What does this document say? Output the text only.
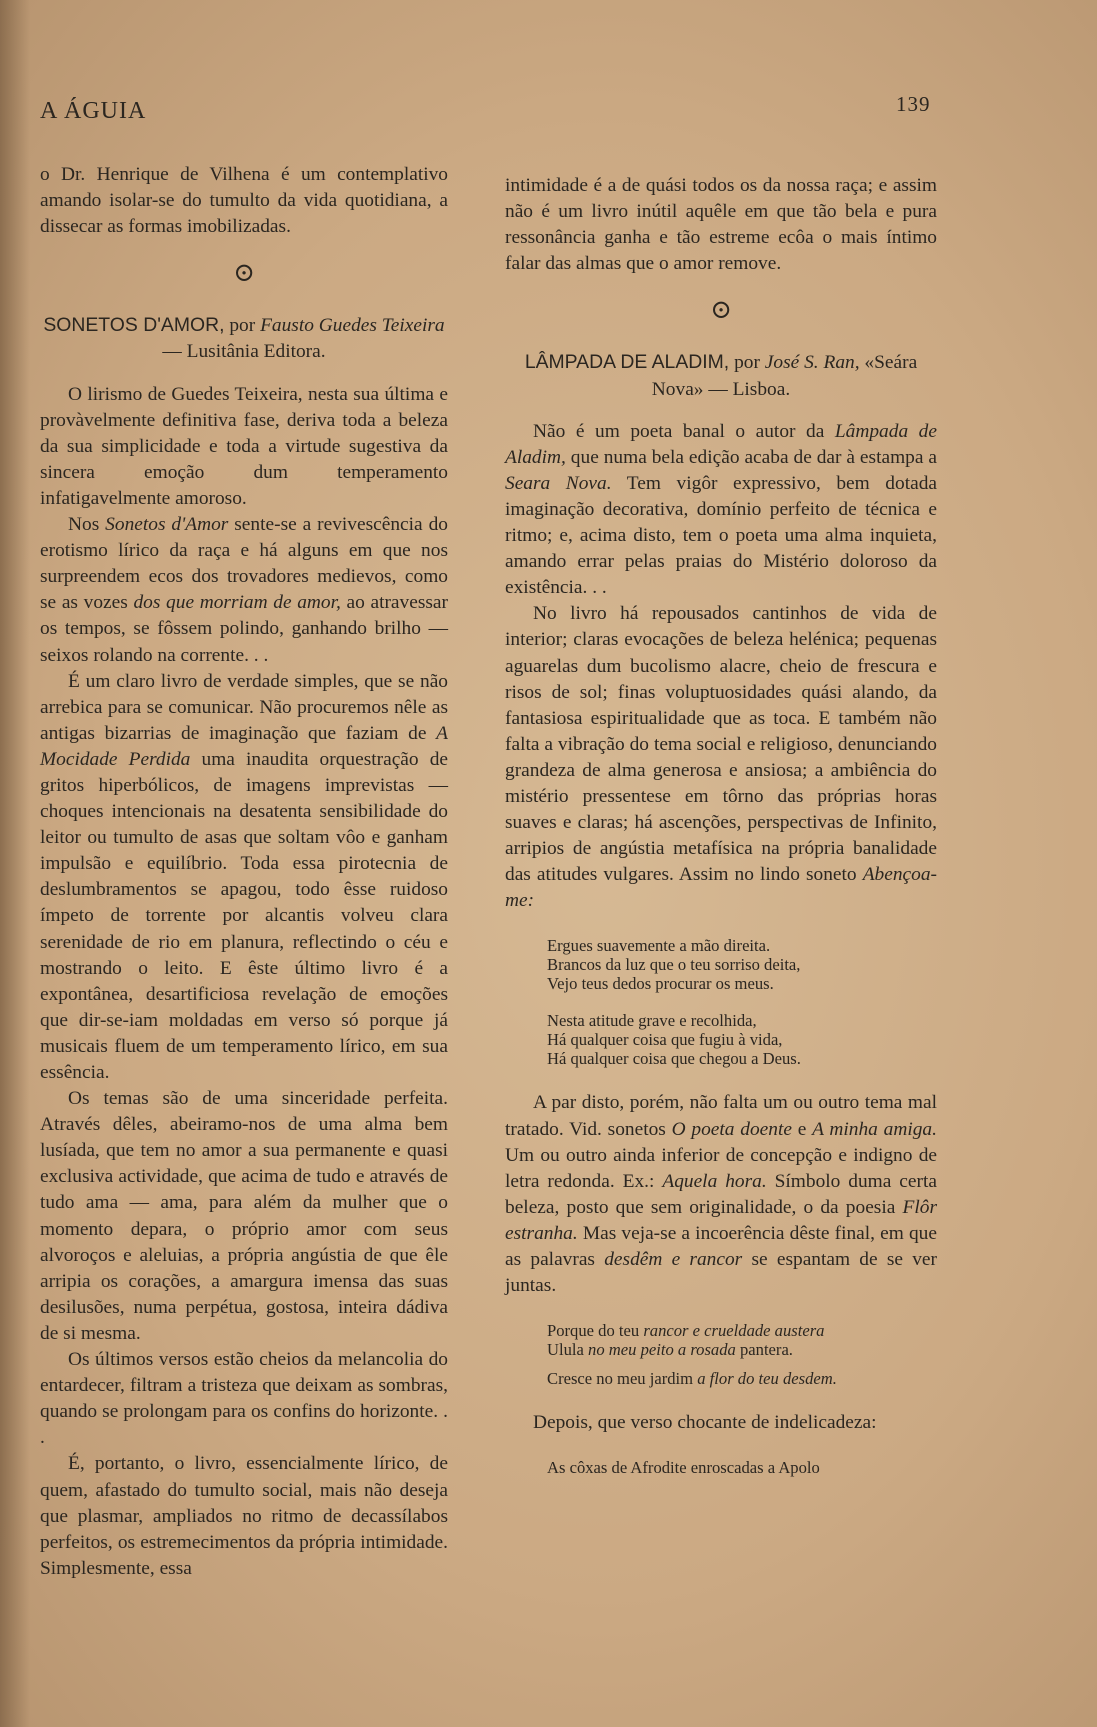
A ÁGUIA	139

o Dr. Henrique de Vilhena é um contemplativo amando isolar-se do tumulto da vida quotidiana, a dissecar as formas imobilizadas.

⊙

SONETOS D'AMOR, por Fausto Guedes Teixeira— Lusitânia Editora.

O lirismo de Guedes Teixeira, nesta sua última e provàvelmente definitiva fase, deriva toda a beleza da sua simplicidade e toda a virtude sugestiva da sincera emoção dum temperamento infatigavelmente amoroso.

Nos Sonetos d'Amor sente-se a revivescência do erotismo lírico da raça e há alguns em que nos surpreendem ecos dos trovadores medievos, como se as vozes dos que morriam de amor, ao atravessar os tempos, se fôssem polindo, ganhando brilho — seixos rolando na corrente. . .

É um claro livro de verdade simples, que se não arrebica para se comunicar. Não procuremos nêle as antigas bizarrias de imaginação que faziam de A Mocidade Perdida uma inaudita orquestração de gritos hiperbólicos, de imagens imprevistas — choques intencionais na desatenta sensibilidade do leitor ou tumulto de asas que soltam vôo e ganham impulsão e equilíbrio. Toda essa pirotecnia de deslumbramentos se apagou, todo êsse ruidoso ímpeto de torrente por alcantis volveu clara serenidade de rio em planura, reflectindo o céu e mostrando o leito. E êste último livro é a expontânea, desartificiosa revelação de emoções que dir-se-iam moldadas em verso só porque já musicais fluem de um temperamento lírico, em sua essência.

Os temas são de uma sinceridade perfeita. Através dêles, abeiramo-nos de uma alma bem lusíada, que tem no amor a sua permanente e quasi exclusiva actividade, que acima de tudo e através de tudo ama — ama, para além da mulher que o momento depara, o próprio amor com seus alvoroços e aleluias, a própria angústia de que êle arripia os corações, a amargura imensa das suas desilusões, numa perpétua, gostosa, inteira dádiva de si mesma.

Os últimos versos estão cheios da melancolia do entardecer, filtram a tristeza que deixam as sombras, quando se prolongam para os confins do horizonte. . .

É, portanto, o livro, essencialmente lírico, de quem, afastado do tumulto social, mais não deseja que plasmar, ampliados no ritmo de decassílabos perfeitos, os estremecimentos da própria intimidade. Simplesmente, essa

intimidade é a de quási todos os da nossa raça; e assim não é um livro inútil aquêle em que tão bela e pura ressonância ganha e tão estreme ecôa o mais íntimo falar das almas que o amor remove.

⊙

LÂMPADA DE ALADIM, por José S. Ran, «Seára Nova» — Lisboa.

Não é um poeta banal o autor da Lâmpada de Aladim, que numa bela edição acaba de dar à estampa a Seara Nova. Tem vigôr expressivo, bem dotada imaginação decorativa, domínio perfeito de técnica e ritmo; e, acima disto, tem o poeta uma alma inquieta, amando errar pelas praias do Mistério doloroso da existência. . .

No livro há repousados cantinhos de vida de interior; claras evocações de beleza helénica; pequenas aguarelas dum bucolismo alacre, cheio de frescura e risos de sol; finas voluptuosidades quási alando, da fantasiosa espiritualidade que as toca. E também não falta a vibração do tema social e religioso, denunciando grandeza de alma generosa e ansiosa; a ambiência do mistério pressentese em tôrno das próprias horas suaves e claras; há ascenções, perspectivas de Infinito, arripios de angústia metafísica na própria banalidade das atitudes vulgares. Assim no lindo soneto Abençoa-me:

Ergues suavemente a mão direita.
Brancos da luz que o teu sorriso deita,
Vejo teus dedos procurar os meus.
Nesta atitude grave e recolhida,
Há qualquer coisa que fugiu à vida,
Há qualquer coisa que chegou a Deus.

A par disto, porém, não falta um ou outro tema mal tratado. Vid. sonetos O poeta doente e A minha amiga. Um ou outro ainda inferior de concepção e indigno de letra redonda. Ex.: Aquela hora. Símbolo duma certa beleza, posto que sem originalidade, o da poesia Flôr estranha. Mas veja-se a incoerência dêste final, em que as palavras desdêm e rancor se espantam de se ver juntas.

Porque do teu rancor e crueldade austera
Ulula no meu peito a rosada pantera.
Cresce no meu jardim a flor do teu desdem.

Depois, que verso chocante de indelicadeza:

As côxas de Afrodite enroscadas a Apolo
